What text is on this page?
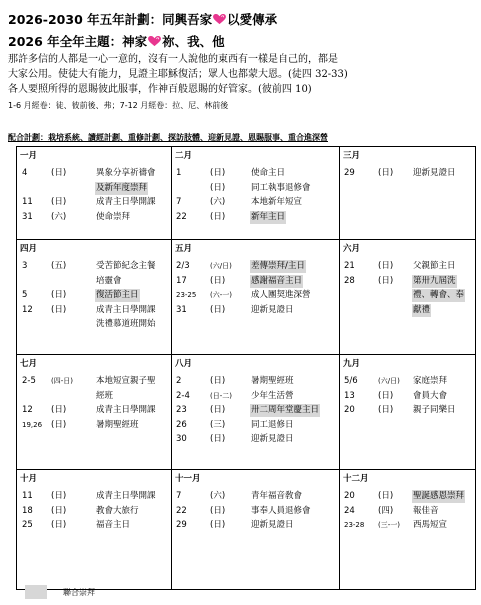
2026-2030 年五年計劃：同興吾家 以愛傳承
2026 年全年主題：神家 祢、我、他
那許多信的人都是一心一意的，沒有一人說他的東西有一樣是自己的，都是
大家公用。使徒大有能力，見證主耶穌復活；眾人也都蒙大恩。(徒四 32-33)
各人要照所得的恩賜彼此服事，作神百般恩賜的好管家。(彼前四 10)
1-6 月經卷：徒、彼前後、弗；7-12 月經卷：拉、尼、林前後
配合計劃：栽培系統、讀經計劃、重修計劃、探訪肢體、迎新見證、恩賜服事、重合進深營
一月
4	(日)	異象分享祈禱會
及新年度崇拜
11 (日)	成青主日學開課
31 (六)	使命崇拜
二月
1	(日)	使命主日
(日)	同工執事退修會
7	(六)	本地新年短宣
22	(日)	新年主日
三月
29	(日) 迎新見證日
四月
3	(五)	受苦節紀念主餐
培靈會
5	(日)	復活節主日
12 (日)	成青主日學開課
洗禮慕道班開始
五月
2/3	(六/日) 差傳崇拜/主日
17	(日)	感謝福音主日
23-25 (六-一) 成人團契進深營
31	(日)	迎新見證日
六月
21	(日) 父親節主日
28	(日) 第卅九屆洗
禮、轉會、奉
獻禮
七月
2-5 (四-日)	本地短宣親子聖
經班
12 (日)	成青主日學開課
19,26 (日)	暑期聖經班
八月
2	(日)	暑期聖經班
2-4	(日-二) 少年生活營
23	(日)	卅二周年堂慶主日
26	(三)	同工退修日
30	(日)	迎新見證日
九月
5/6	(六/日) 家庭崇拜
13	(日) 會員大會
20	(日) 親子同樂日
十月
11 (日)	成青主日學開課
18 (日)	教會大旅行
25 (日)	福音主日
十一月
7	(六)	青年福音敎會
22	(日)	事奉人員退修會
29	(日)	迎新見證日
十二月
20	(日) 聖誕感恩崇拜
24	(四) 報佳音
23-28 (三-一) 西馬短宣
聯合崇拜
